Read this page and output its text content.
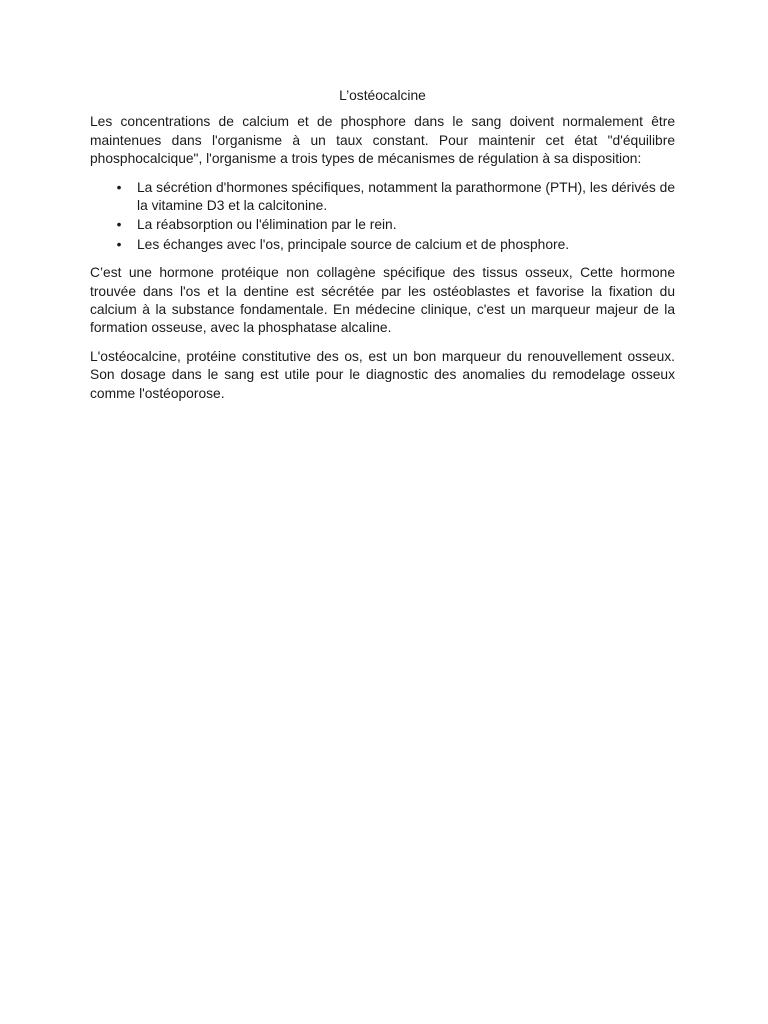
L’ostéocalcine

Les concentrations de calcium et de phosphore dans le sang doivent normalement être maintenues dans l'organisme à un taux constant. Pour maintenir cet état "d'équilibre phosphocalcique", l'organisme a trois types de mécanismes de régulation à sa disposition:

• La sécrétion d'hormones spécifiques, notamment la parathormone (PTH), les dérivés de la vitamine D3 et la calcitonine.
• La réabsorption ou l'élimination par le rein.
• Les échanges avec l'os, principale source de calcium et de phosphore.

C’est une hormone protéique non collagène spécifique des tissus osseux, Cette hormone trouvée dans l'os et la dentine est sécrétée par les ostéoblastes et favorise la fixation du calcium à la substance fondamentale. En médecine clinique, c'est un marqueur majeur de la formation osseuse, avec la phosphatase alcaline.

L'ostéocalcine, protéine constitutive des os, est un bon marqueur du renouvellement osseux. Son dosage dans le sang est utile pour le diagnostic des anomalies du remodelage osseux comme l'ostéoporose.
